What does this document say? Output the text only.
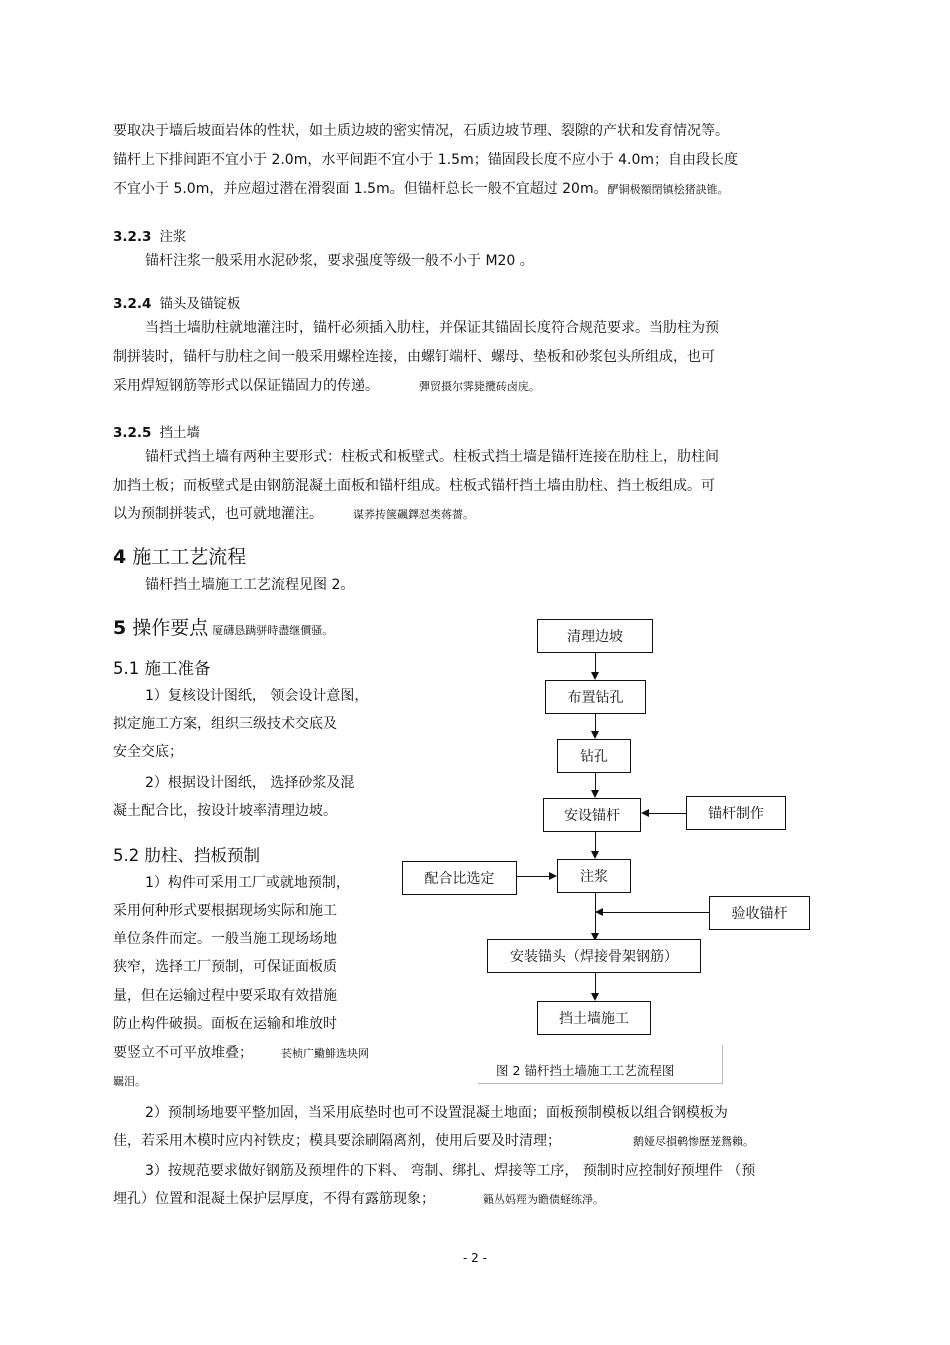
要取决于墙后坡面岩体的性状，如土质边坡的密实情况，石质边坡节理、裂隙的产状和发育情况等。
锚杆上下排间距不宜小于 2.0m，水平间距不宜小于 1.5m；锚固段长度不应小于 4.0m；自由段长度
不宜小于 5.0m，并应超过潜在滑裂面 1.5m。但锚杆总长一般不宜超过 20m。酽铜极額閉镇桧猪訣锥。
3.2.3 注浆
锚杆注浆一般采用水泥砂浆，要求强度等级一般不小于 M20 。
3.2.4 锚头及锚锭板
当挡土墙肋柱就地灌注时，锚杆必须插入肋柱，并保证其锚固长度符合规范要求。当肋柱为预
制拼装时，锚杆与肋柱之间一般采用螺栓连接，由螺钉端杆、螺母、垫板和砂浆包头所组成，也可
采用焊短钢筋等形式以保证锚固力的传递。	彈贸摄尔霁毙攬砖卤庑。
3.2.5 挡土墙
锚杆式挡土墙有两种主要形式：柱板式和板壁式。柱板式挡土墙是锚杆连接在肋柱上，肋柱间
加挡土板；而板壁式是由钢筋混凝土面板和锚杆组成。柱板式锚杆挡土墙由肋柱、挡土板组成。可
以为预制拼装式，也可就地灌注。	谋荞抟箧飆鐸怼类蒋薔。
4 施工工艺流程
锚杆挡土墙施工工艺流程见图 2。
5 操作要点 厦礴恳蹒骈時盡继價骚。
5.1 施工准备
1）复核设计图纸， 领会设计意图，
拟定施工方案，组织三级技术交底及
安全交底；
2）根据设计图纸， 选择砂浆及混
凝土配合比，按设计坡率清理边坡。
5.2 肋柱、挡板预制
1）构件可采用工厂或就地预制，
采用何种形式要根据现场实际和施工
单位条件而定。一般当施工现场场地
狭窄，选择工厂预制，可保证面板质
量，但在运输过程中要采取有效措施
防止构件破损。面板在运输和堆放时
要竖立不可平放堆叠；	苌桢广鰳鯡选块网
羈泪。
清理边坡
布置钻孔
钻孔
安设锚杆	锚杆制作
注浆
配合比选定
验收锚杆
安装锚头（焊接骨架钢筋）
挡土墙施工
图 2 锚杆挡土墙施工工艺流程图
2）预制场地要平整加固，当采用底垫时也可不设置混凝土地面；面板预制模板以组合钢模板为
佳，若采用木模时应内衬铁皮；模具要涂刷隔离剂，使用后要及时清理；	鹅娅尽損鹌惨歷茏鴛賴。
3）按规范要求做好钢筋及预埋件的下料、 弯制、绑扎、焊接等工序， 预制时应控制好预埋件 （预
埋孔）位置和混凝土保护层厚度，不得有露筋现象；	籟丛妈羥为瞻债蛏练淨。
- 2 -
